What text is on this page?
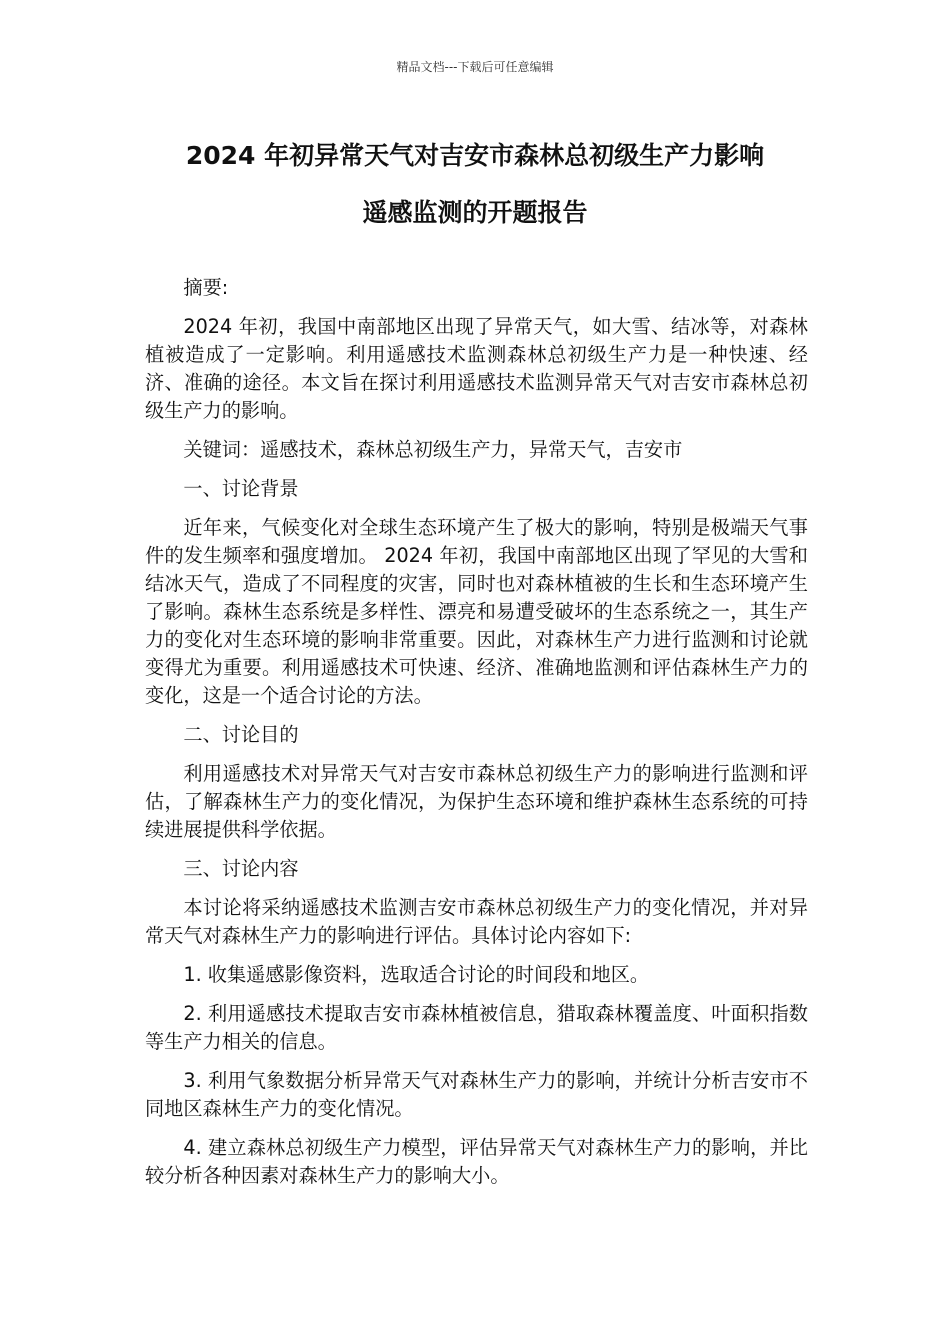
精品文档---下载后可任意编辑
2024 年初异常天气对吉安市森林总初级生产力影响
遥感监测的开题报告

摘要:

2024 年初，我国中南部地区出现了异常天气，如大雪、结冰等，对森林植被造成了一定影响。利用遥感技术监测森林总初级生产力是一种快速、经济、准确的途径。本文旨在探讨利用遥感技术监测异常天气对吉安市森林总初级生产力的影响。

关键词：遥感技术，森林总初级生产力，异常天气，吉安市

一、讨论背景

近年来，气候变化对全球生态环境产生了极大的影响，特别是极端天气事件的发生频率和强度增加。 2024 年初，我国中南部地区出现了罕见的大雪和结冰天气，造成了不同程度的灾害，同时也对森林植被的生长和生态环境产生了影响。森林生态系统是多样性、漂亮和易遭受破坏的生态系统之一，其生产力的变化对生态环境的影响非常重要。因此，对森林生产力进行监测和讨论就变得尤为重要。利用遥感技术可快速、经济、准确地监测和评估森林生产力的变化，这是一个适合讨论的方法。

二、讨论目的

利用遥感技术对异常天气对吉安市森林总初级生产力的影响进行监测和评估，了解森林生产力的变化情况，为保护生态环境和维护森林生态系统的可持续进展提供科学依据。

三、讨论内容

本讨论将采纳遥感技术监测吉安市森林总初级生产力的变化情况，并对异常天气对森林生产力的影响进行评估。具体讨论内容如下:

1. 收集遥感影像资料，选取适合讨论的时间段和地区。

2. 利用遥感技术提取吉安市森林植被信息，猎取森林覆盖度、叶面积指数等生产力相关的信息。

3. 利用气象数据分析异常天气对森林生产力的影响，并统计分析吉安市不同地区森林生产力的变化情况。

4. 建立森林总初级生产力模型，评估异常天气对森林生产力的影响，并比较分析各种因素对森林生产力的影响大小。
